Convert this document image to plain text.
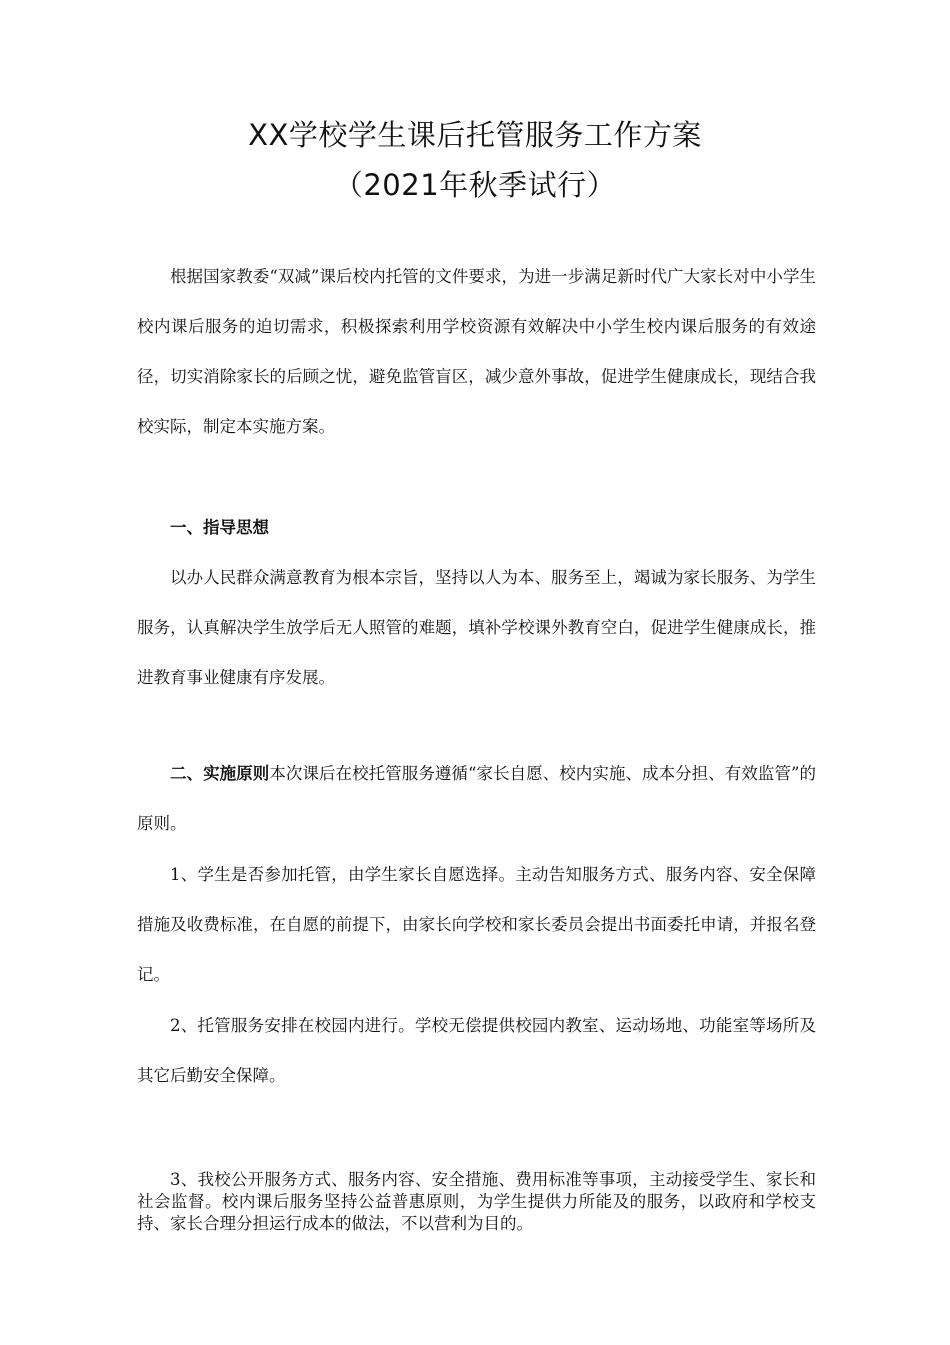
XX学校学生课后托管服务工作方案
（2021年秋季试行）

根据国家教委“双减”课后校内托管的文件要求，为进一步满足新时代广大家长对中小学生校内课后服务的迫切需求，积极探索利用学校资源有效解决中小学生校内课后服务的有效途径，切实消除家长的后顾之忧，避免监管盲区，减少意外事故，促进学生健康成长，现结合我校实际，制定本实施方案。

一、指导思想

以办人民群众满意教育为根本宗旨，坚持以人为本、服务至上，竭诚为家长服务、为学生服务，认真解决学生放学后无人照管的难题，填补学校课外教育空白，促进学生健康成长，推进教育事业健康有序发展。

二、实施原则本次课后在校托管服务遵循“家长自愿、校内实施、成本分担、有效监管”的原则。

1、学生是否参加托管，由学生家长自愿选择。主动告知服务方式、服务内容、安全保障措施及收费标准，在自愿的前提下，由家长向学校和家长委员会提出书面委托申请，并报名登记。

2、托管服务安排在校园内进行。学校无偿提供校园内教室、运动场地、功能室等场所及其它后勤安全保障。

3、我校公开服务方式、服务内容、安全措施、费用标准等事项，主动接受学生、家长和社会监督。校内课后服务坚持公益普惠原则，为学生提供力所能及的服务，以政府和学校支持、家长合理分担运行成本的做法，不以营利为目的。
